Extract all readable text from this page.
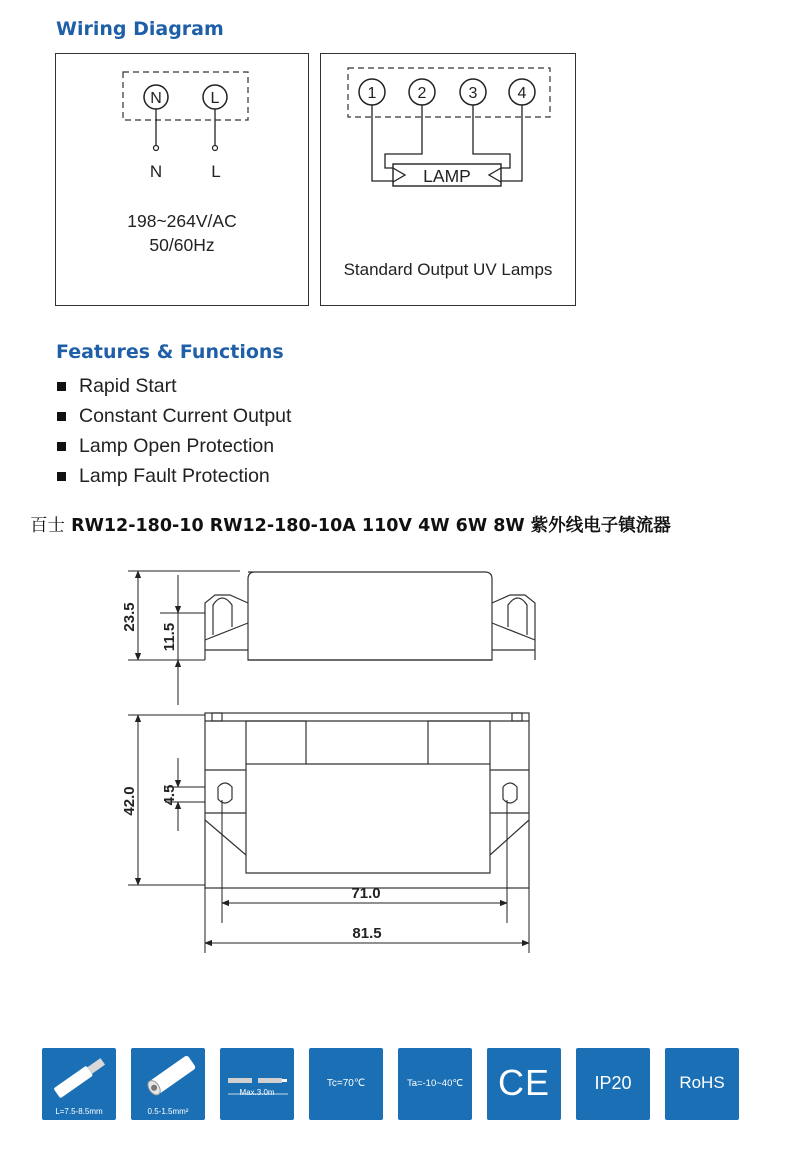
Wiring Diagram
N	L
N	L
198~264V/AC
50/60Hz
1	2	3	4
LAMP
Standard Output UV Lamps
Features & Functions
Rapid Start
Constant Current Output
Lamp Open Protection
Lamp Fault Protection
百士 RW12-180-10 RW12-180-10A 110V 4W 6W 8W 紫外线电子镇流器
23.5
11.5
42.0 4.5
71.0
81.5
L=7.5-8.5mm	0.5-1.5mm²
Max.3.0m
Tc=70℃	Ta=-10~40℃ CE	IP20	RoHS
